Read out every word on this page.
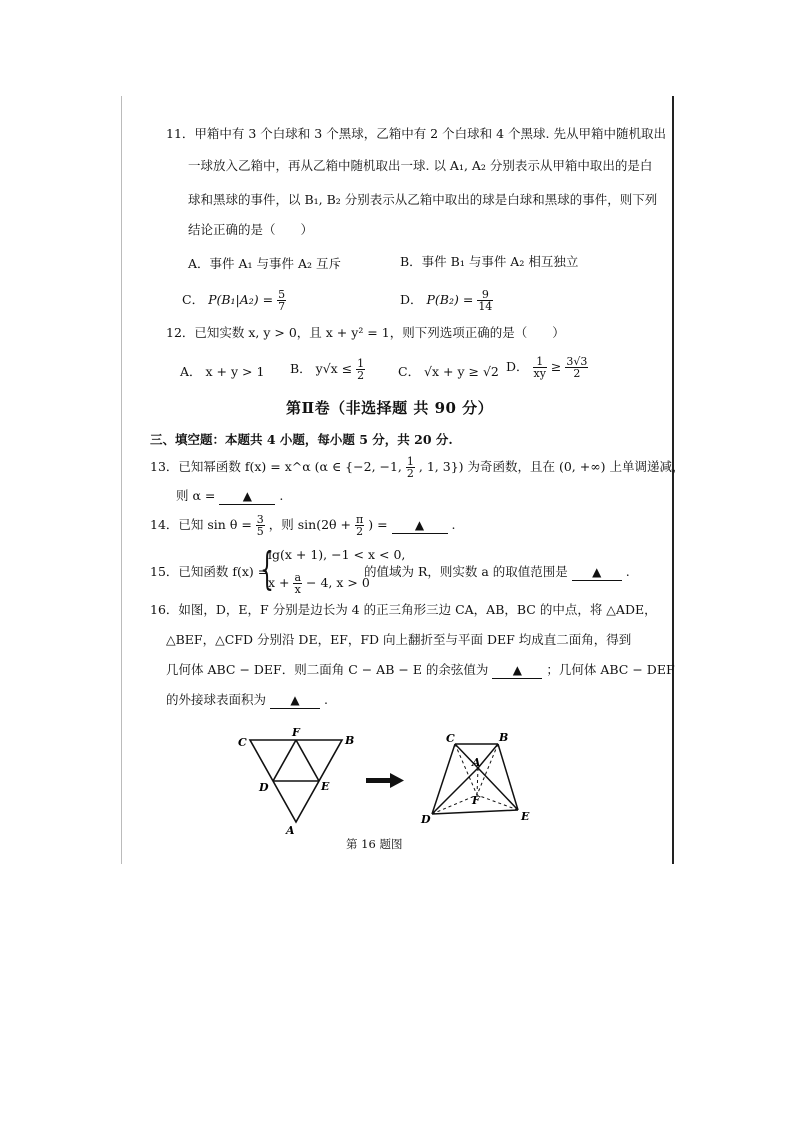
11．甲箱中有 3 个白球和 3 个黑球，乙箱中有 2 个白球和 4 个黑球. 先从甲箱中随机取出
一球放入乙箱中，再从乙箱中随机取出一球. 以 A₁, A₂ 分别表示从甲箱中取出的是白
球和黑球的事件，以 B₁, B₂ 分别表示从乙箱中取出的球是白球和黑球的事件，则下列
结论正确的是（　　）
A．事件 A₁ 与事件 A₂ 互斥	B．事件 B₁ 与事件 A₂ 相互独立
C． $P(B_1|A_2) = \frac{5}{7}$	D． $P(B_2) = \frac{9}{14}$
12．已知实数 x, y > 0，且 x + y² = 1，则下列选项正确的是（　　）
A． x + y > 1 B． $y√x \le \frac{1}{2}$	C． √x + y ≥ √2 D． $\frac{1}{xy} \ge \frac{3√3}{2}$
第Ⅱ卷（非选择题 共 90 分）
三、填空题：本题共 4 小题，每小题 5 分，共 20 分.
13．已知幂函数 f(x) = x^α (α ∈ {−2, −1, $\frac{1}{2}$ , 1, 3}) 为奇函数，且在 (0, +∞) 上单调递减，
则 α = ▲ .
14．已知 $\sin \theta = \frac{3}{5}$ ，则 $\sin(2\theta + \frac{\pi}{2}$ ) = ▲ .
15．已知函数 f(x) =
{
lg(x + 1), −1 < x < 0,
$x + \frac{a}{x} - 4$, x > 0
的值域为 R，则实数 a 的取值范围是 ▲ .
16．如图，D，E，F 分别是边长为 4 的正三角形三边 CA，AB，BC 的中点，将 △ADE，
△BEF，△CFD 分别沿 DE，EF，FD 向上翻折至与平面 DEF 均成直二面角，得到
几何体 ABC − DEF．则二面角 C − AB − E 的余弦值为 ▲ ；几何体 ABC − DEF
的外接球表面积为 ▲ .
C
F
B
D	E
A
C	B
A
F
D	E
第 16 题图
